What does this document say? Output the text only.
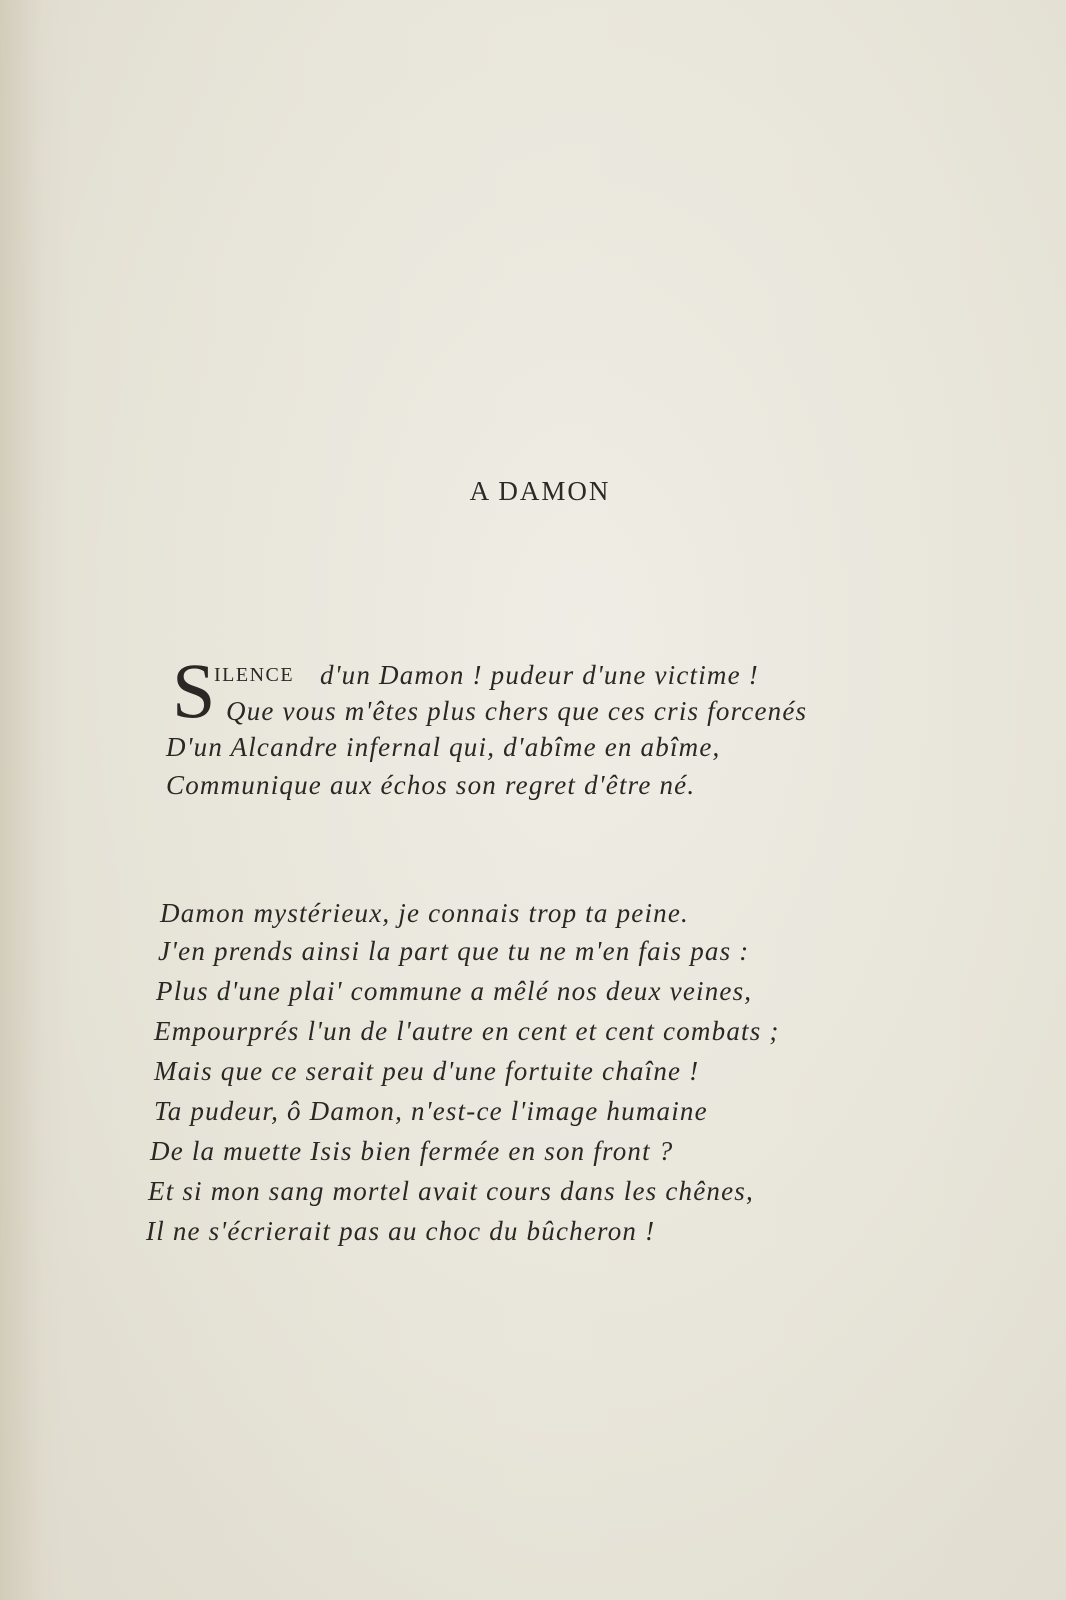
A DAMON
S
ILENCE d'un Damon ! pudeur d'une victime !
Que vous m'êtes plus chers que ces cris forcenés
D'un Alcandre infernal qui, d'abîme en abîme,
Communique aux échos son regret d'être né.
Damon mystérieux, je connais trop ta peine.
J'en prends ainsi la part que tu ne m'en fais pas :
Plus d'une plai' commune a mêlé nos deux veines,
Empourprés l'un de l'autre en cent et cent combats ;
Mais que ce serait peu d'une fortuite chaîne !
Ta pudeur, ô Damon, n'est-ce l'image humaine
De la muette Isis bien fermée en son front ?
Et si mon sang mortel avait cours dans les chênes,
Il ne s'écrierait pas au choc du bûcheron !
